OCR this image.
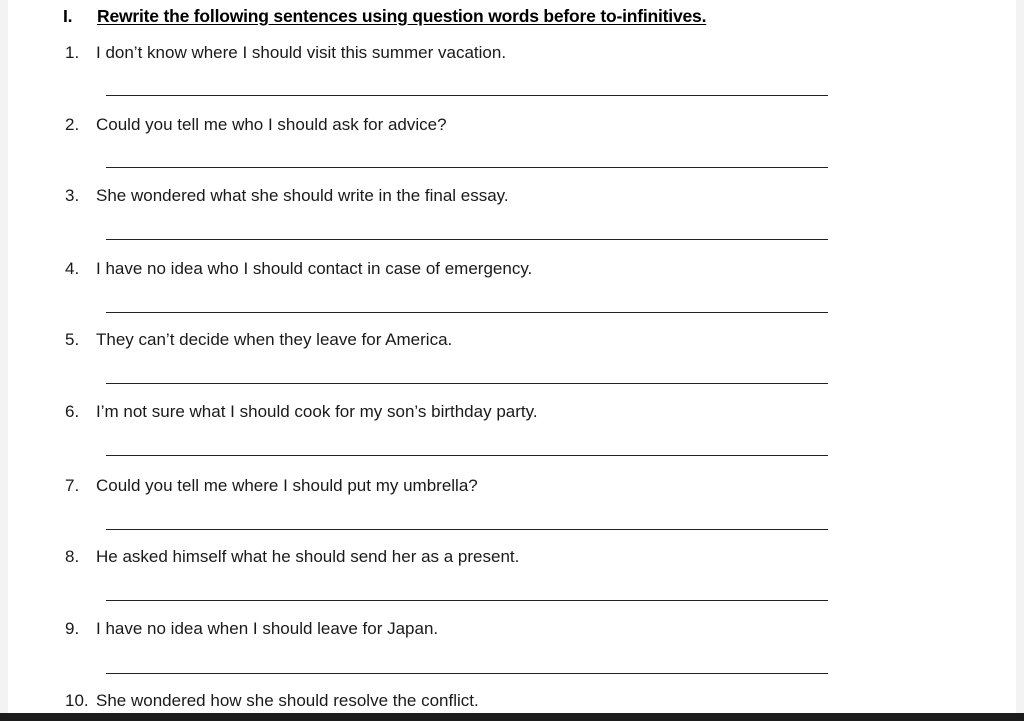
I. Rewrite the following sentences using question words before to-infinitives.
1. I don’t know where I should visit this summer vacation.
2. Could you tell me who I should ask for advice?
3. She wondered what she should write in the final essay.
4. I have no idea who I should contact in case of emergency.
5. They can’t decide when they leave for America.
6. I’m not sure what I should cook for my son’s birthday party.
7. Could you tell me where I should put my umbrella?
8. He asked himself what he should send her as a present.
9. I have no idea when I should leave for Japan.
10. She wondered how she should resolve the conflict.
